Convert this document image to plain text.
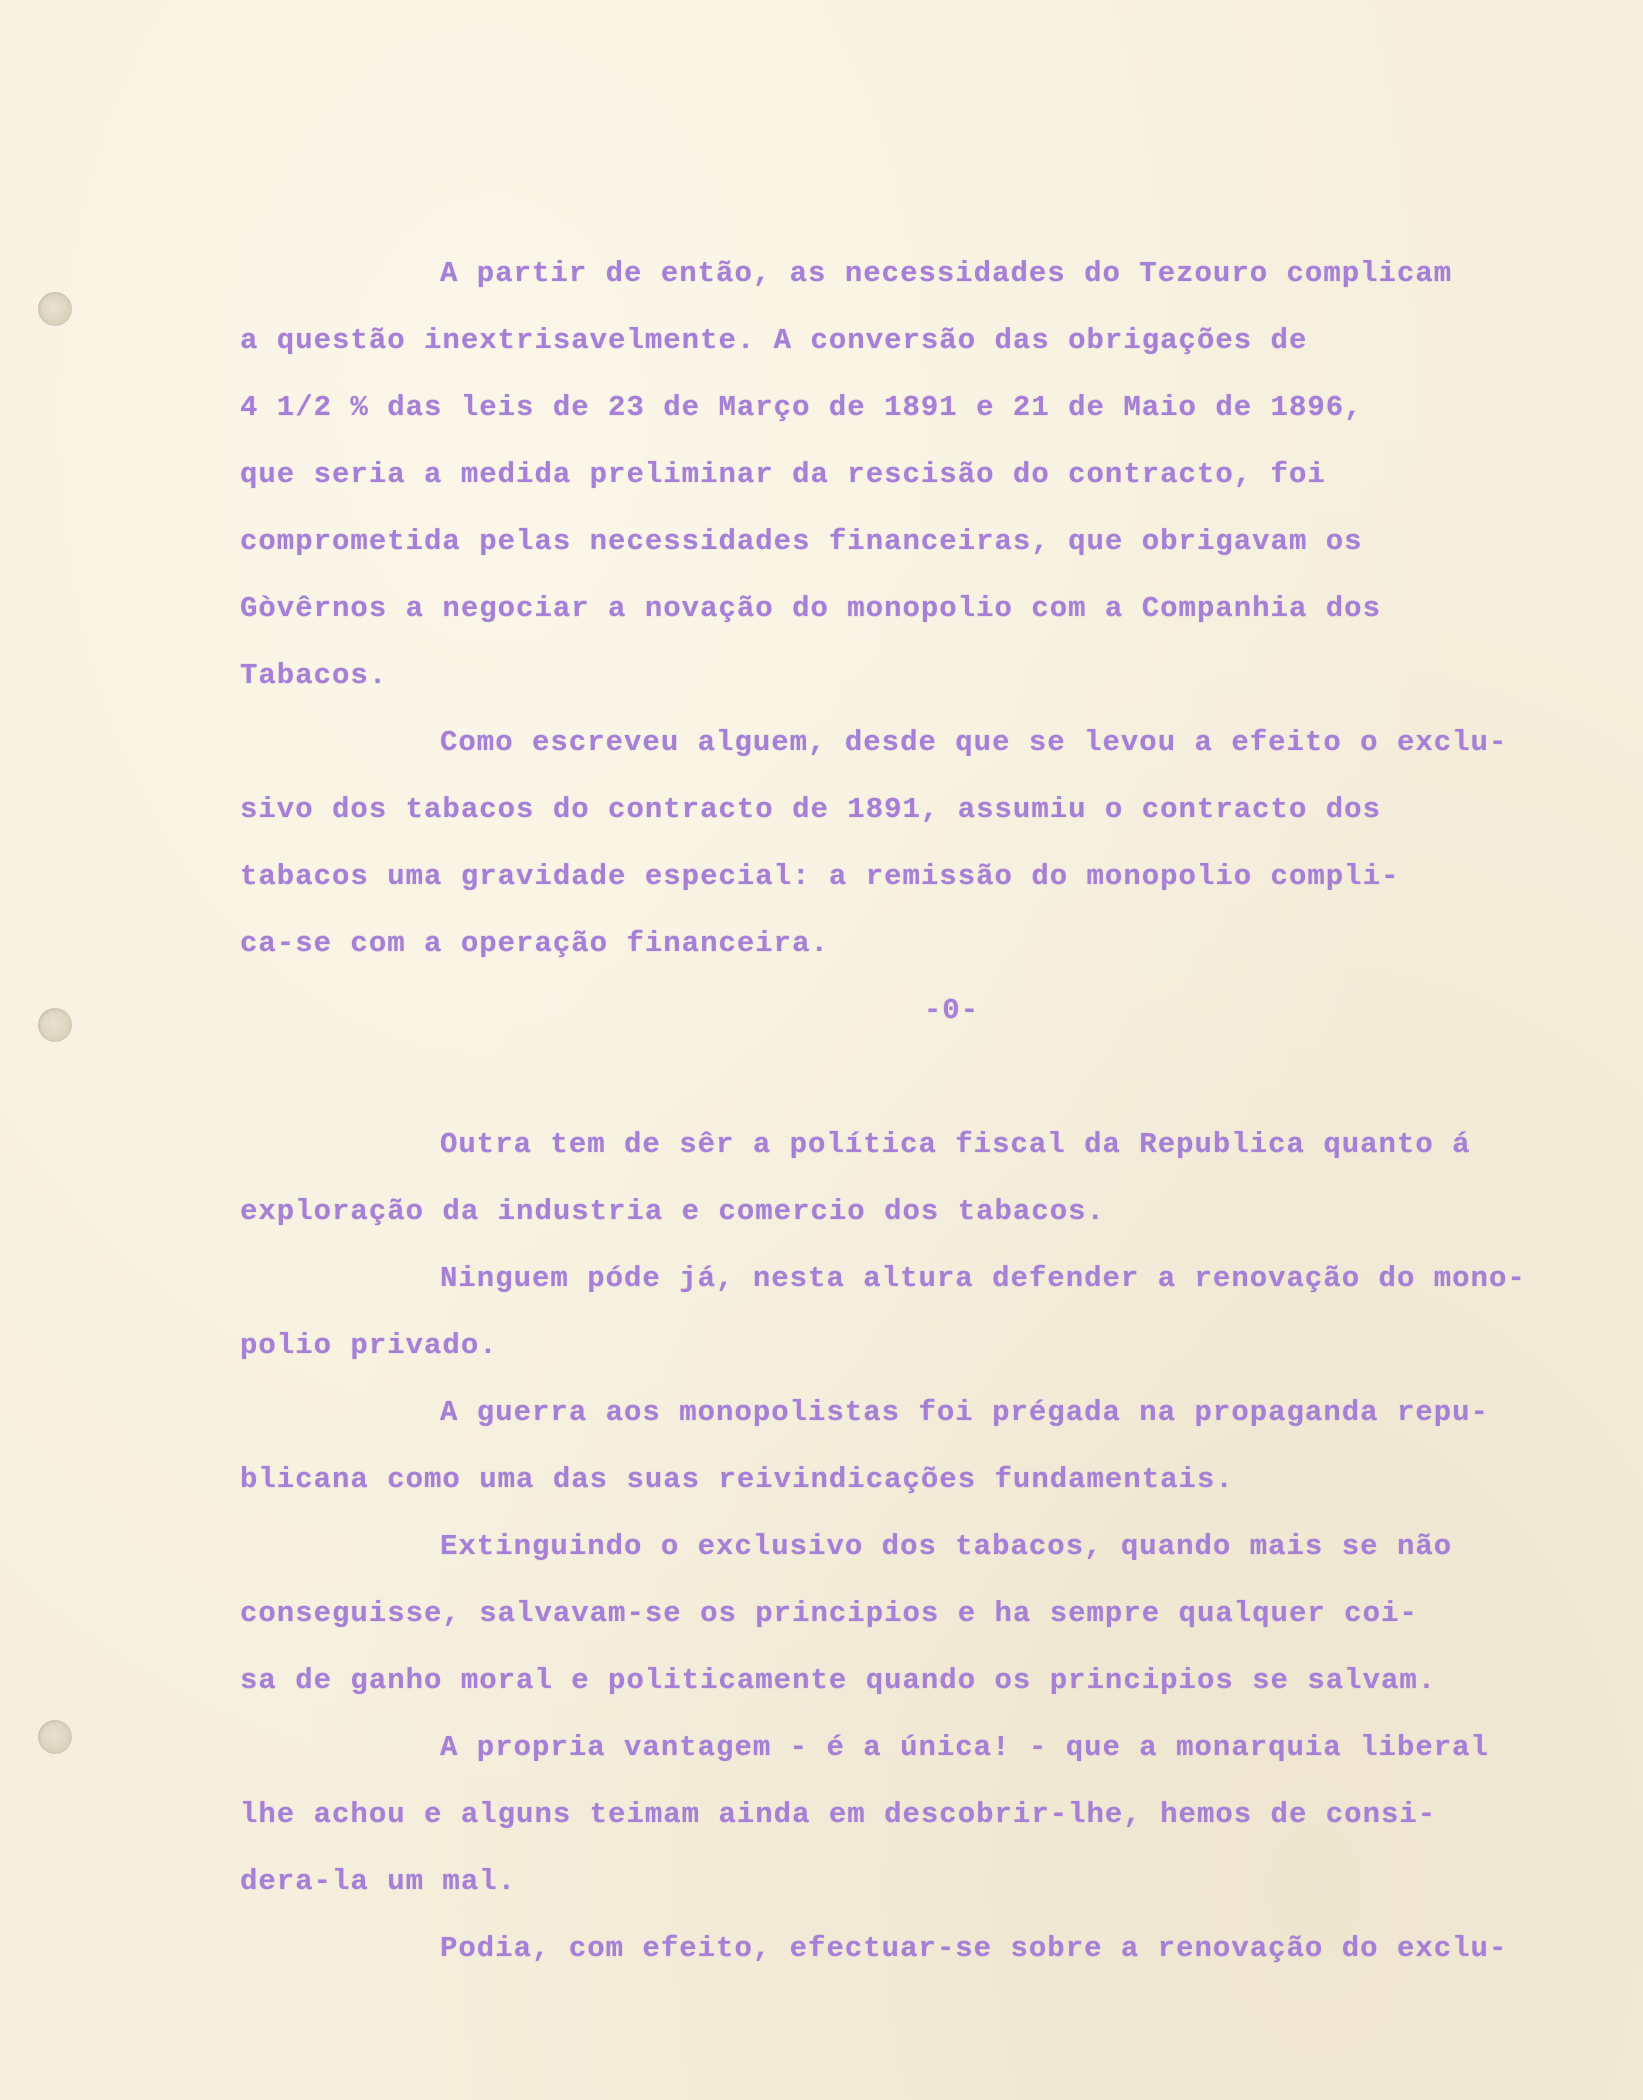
A partir de então, as necessidades do Tezouro complicam
a questão inextrisavelmente. A conversão das obrigações de
4 1/2 % das leis de 23 de Março de 1891 e 21 de Maio de 1896,
que seria a medida preliminar da rescisão do contracto, foi
comprometida pelas necessidades financeiras, que obrigavam os
Gòvêrnos a negociar a novação do monopolio com a Companhia dos
Tabacos.
Como escreveu alguem, desde que se levou a efeito o exclu-
sivo dos tabacos do contracto de 1891, assumiu o contracto dos
tabacos uma gravidade especial: a remissão do monopolio compli-
ca-se com a operação financeira.
-0-
Outra tem de sêr a política fiscal da Republica quanto á
exploração da industria e comercio dos tabacos.
Ninguem póde já, nesta altura defender a renovação do mono-
polio privado.
A guerra aos monopolistas foi prégada na propaganda repu-
blicana como uma das suas reivindicações fundamentais.
Extinguindo o exclusivo dos tabacos, quando mais se não
conseguisse, salvavam-se os principios e ha sempre qualquer coi-
sa de ganho moral e politicamente quando os principios se salvam.
A propria vantagem - é a única! - que a monarquia liberal
lhe achou e alguns teimam ainda em descobrir-lhe, hemos de consi-
dera-la um mal.
Podia, com efeito, efectuar-se sobre a renovação do exclu-
